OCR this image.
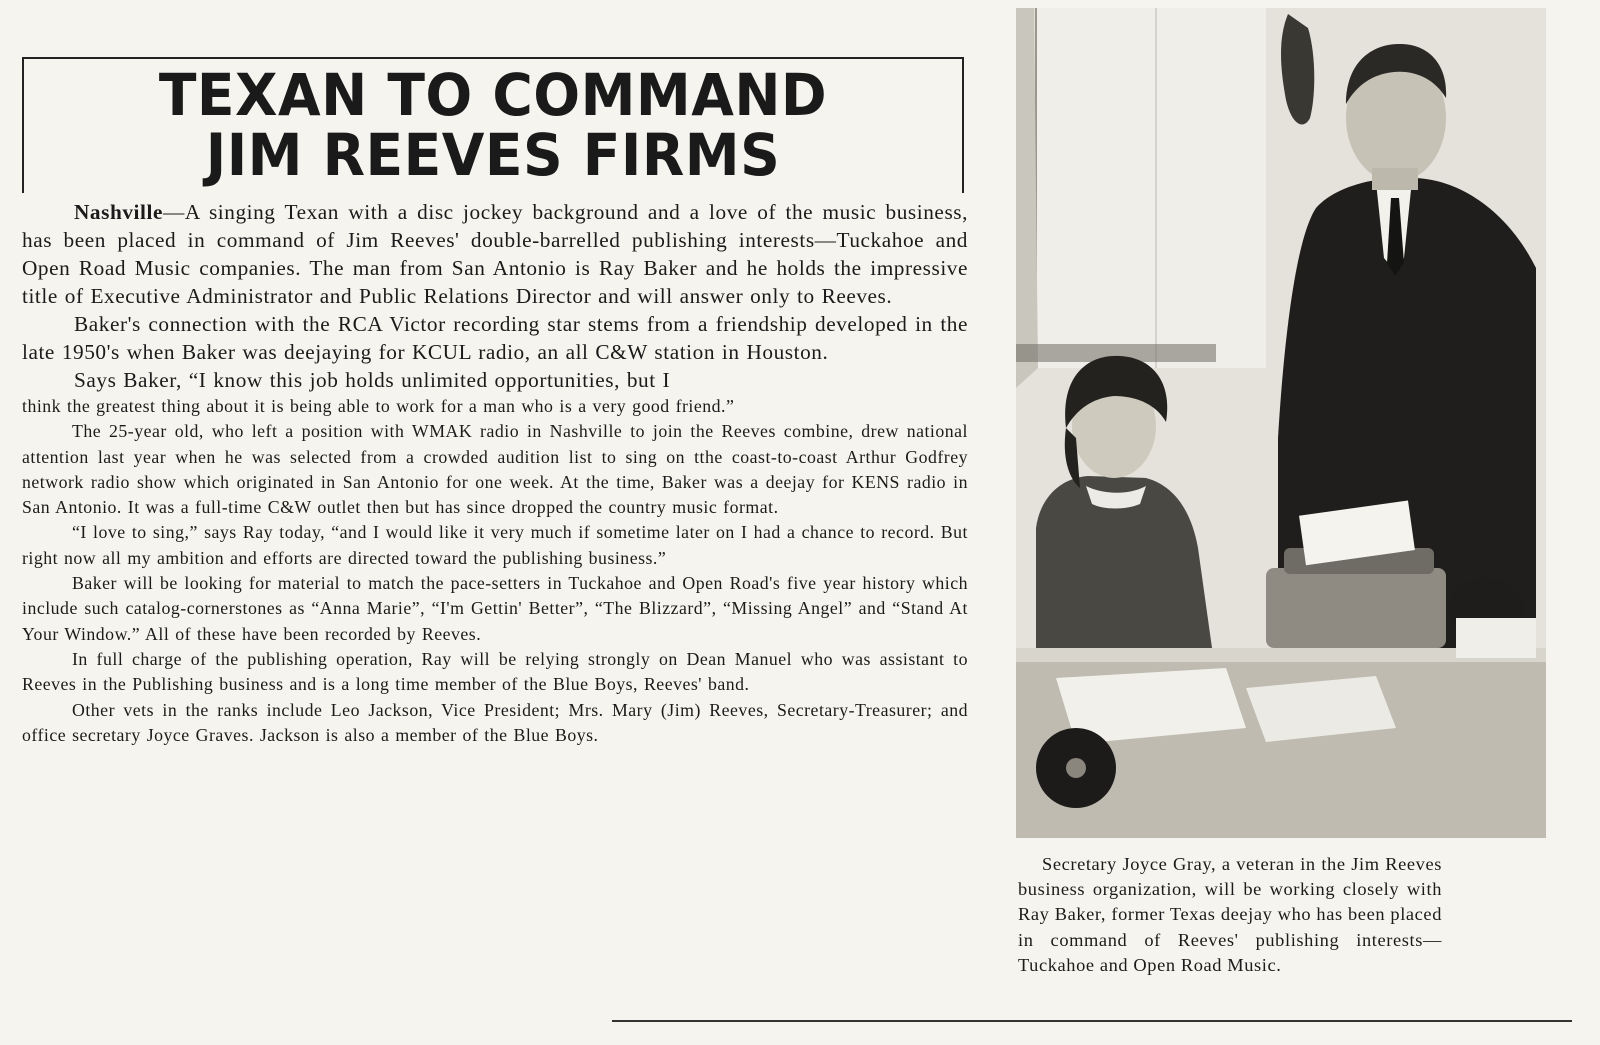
TEXAN TO COMMAND
JIM REEVES FIRMS

Nashville—A singing Texan with a disc jockey background and a love of the music business, has been placed in command of Jim Reeves' double-barrelled publishing interests—Tuckahoe and Open Road Music companies. The man from San Antonio is Ray Baker and he holds the impressive title of Executive Administrator and Public Relations Director and will answer only to Reeves.

Baker's connection with the RCA Victor recording star stems from a friendship developed in the late 1950's when Baker was deejaying for KCUL radio, an all C&W station in Houston.

Says Baker, “I know this job holds unlimited opportunities, but I

think the greatest thing about it is being able to work for a man who is a very good friend.”

The 25-year old, who left a position with WMAK radio in Nashville to join the Reeves combine, drew national attention last year when he was selected from a crowded audition list to sing on tthe coast-to-coast Arthur Godfrey network radio show which originated in San Antonio for one week. At the time, Baker was a deejay for KENS radio in San Antonio. It was a full-time C&W outlet then but has since dropped the country music format.

“I love to sing,” says Ray today, “and I would like it very much if sometime later on I had a chance to record. But right now all my ambition and efforts are directed toward the publishing business.”

Baker will be looking for material to match the pace-setters in Tuckahoe and Open Road's five year history which include such catalog-cornerstones as “Anna Marie”, “I'm Gettin' Better”, “The Blizzard”, “Missing Angel” and “Stand At Your Window.” All of these have been recorded by Reeves.

In full charge of the publishing operation, Ray will be relying strongly on Dean Manuel who was assistant to Reeves in the Publishing business and is a long time member of the Blue Boys, Reeves' band.

Other vets in the ranks include Leo Jackson, Vice President; Mrs. Mary (Jim) Reeves, Secretary-Treasurer; and office secretary Joyce Graves. Jackson is also a member of the Blue Boys.

Secretary Joyce Gray, a veteran in the Jim Reeves business organization, will be working closely with Ray Baker, former Texas deejay who has been placed in command of Reeves' publishing interests—Tuckahoe and Open Road Music.
